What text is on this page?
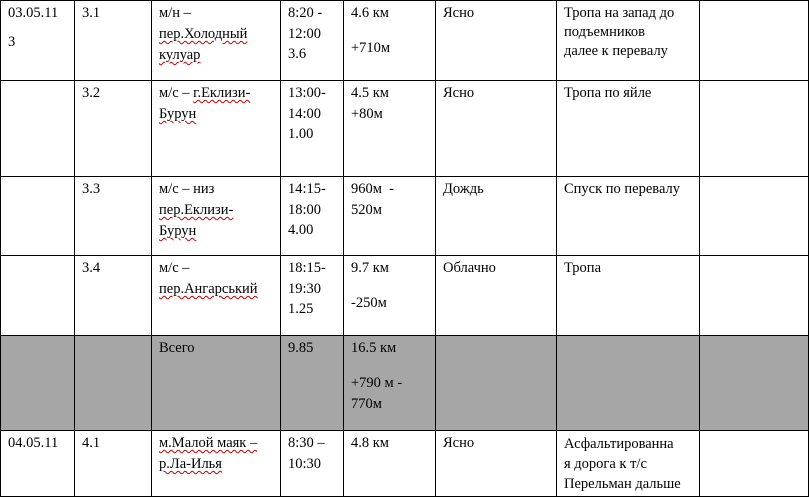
03.05.11
3	3.1	м/н –
пер.Холодный
кулуар	8:20 -
12:00
3.6	4.6 км
+710м	Ясно	Тропа на запад до
подъемников
далее к перевалу	

	3.2	м/с – г.Еклизи-
Бурун	13:00-
14:00
1.00	4.5 км
+80м	Ясно	Тропа по яйле	

	3.3	м/с – низ
пер.Еклизи-
Бурун	14:15-
18:00
4.00	960м  -
520м	Дождь	Спуск по перевалу	

	3.4	м/с –
пер.Ангарський	18:15-
19:30
1.25	9.7 км
-250м	Облачно	Тропа	

		Всего	9.85	16.5 км
+790 м -
770м			

04.05.11	4.1	м.Малой маяк –
р.Ла-Илья	8:30 –
10:30	4.8 км	Ясно	Асфальтированна
я дорога к т/с
Перельман дальше	
